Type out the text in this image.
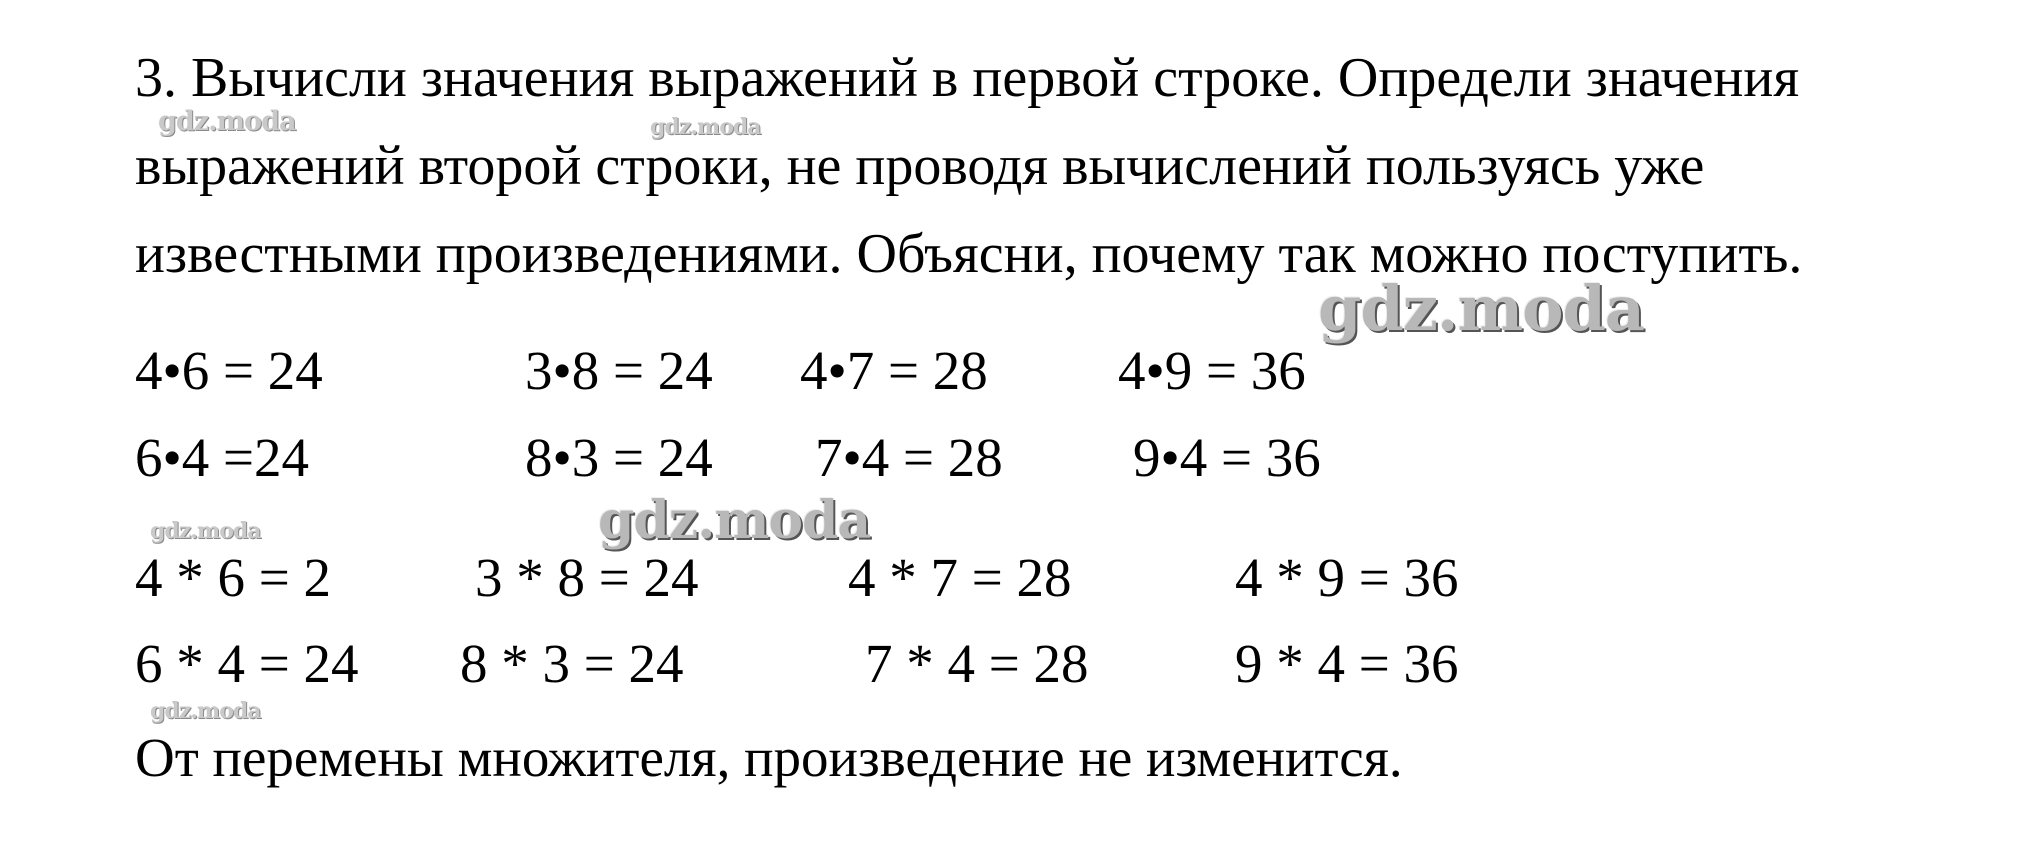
3. Вычисли значения выражений в первой строке. Определи значения
выражений второй строки, не проводя вычислений пользуясь уже
известными произведениями. Объясни, почему так можно поступить.
4•6 = 24	3•8 = 24 4•7 = 28 4•9 = 36
6•4 =24	8•3 = 24 7•4 = 28 9•4 = 36
4 * 6 = 2	3 * 8 = 24	4 * 7 = 28	4 * 9 = 36
6 * 4 = 24 8 * 3 = 24	7 * 4 = 28	9 * 4 = 36
От перемены множителя, произведение не изменится.
gdz.moda	gdz.moda
gdz.moda
gdz.moda
gdz.moda
gdz.moda
